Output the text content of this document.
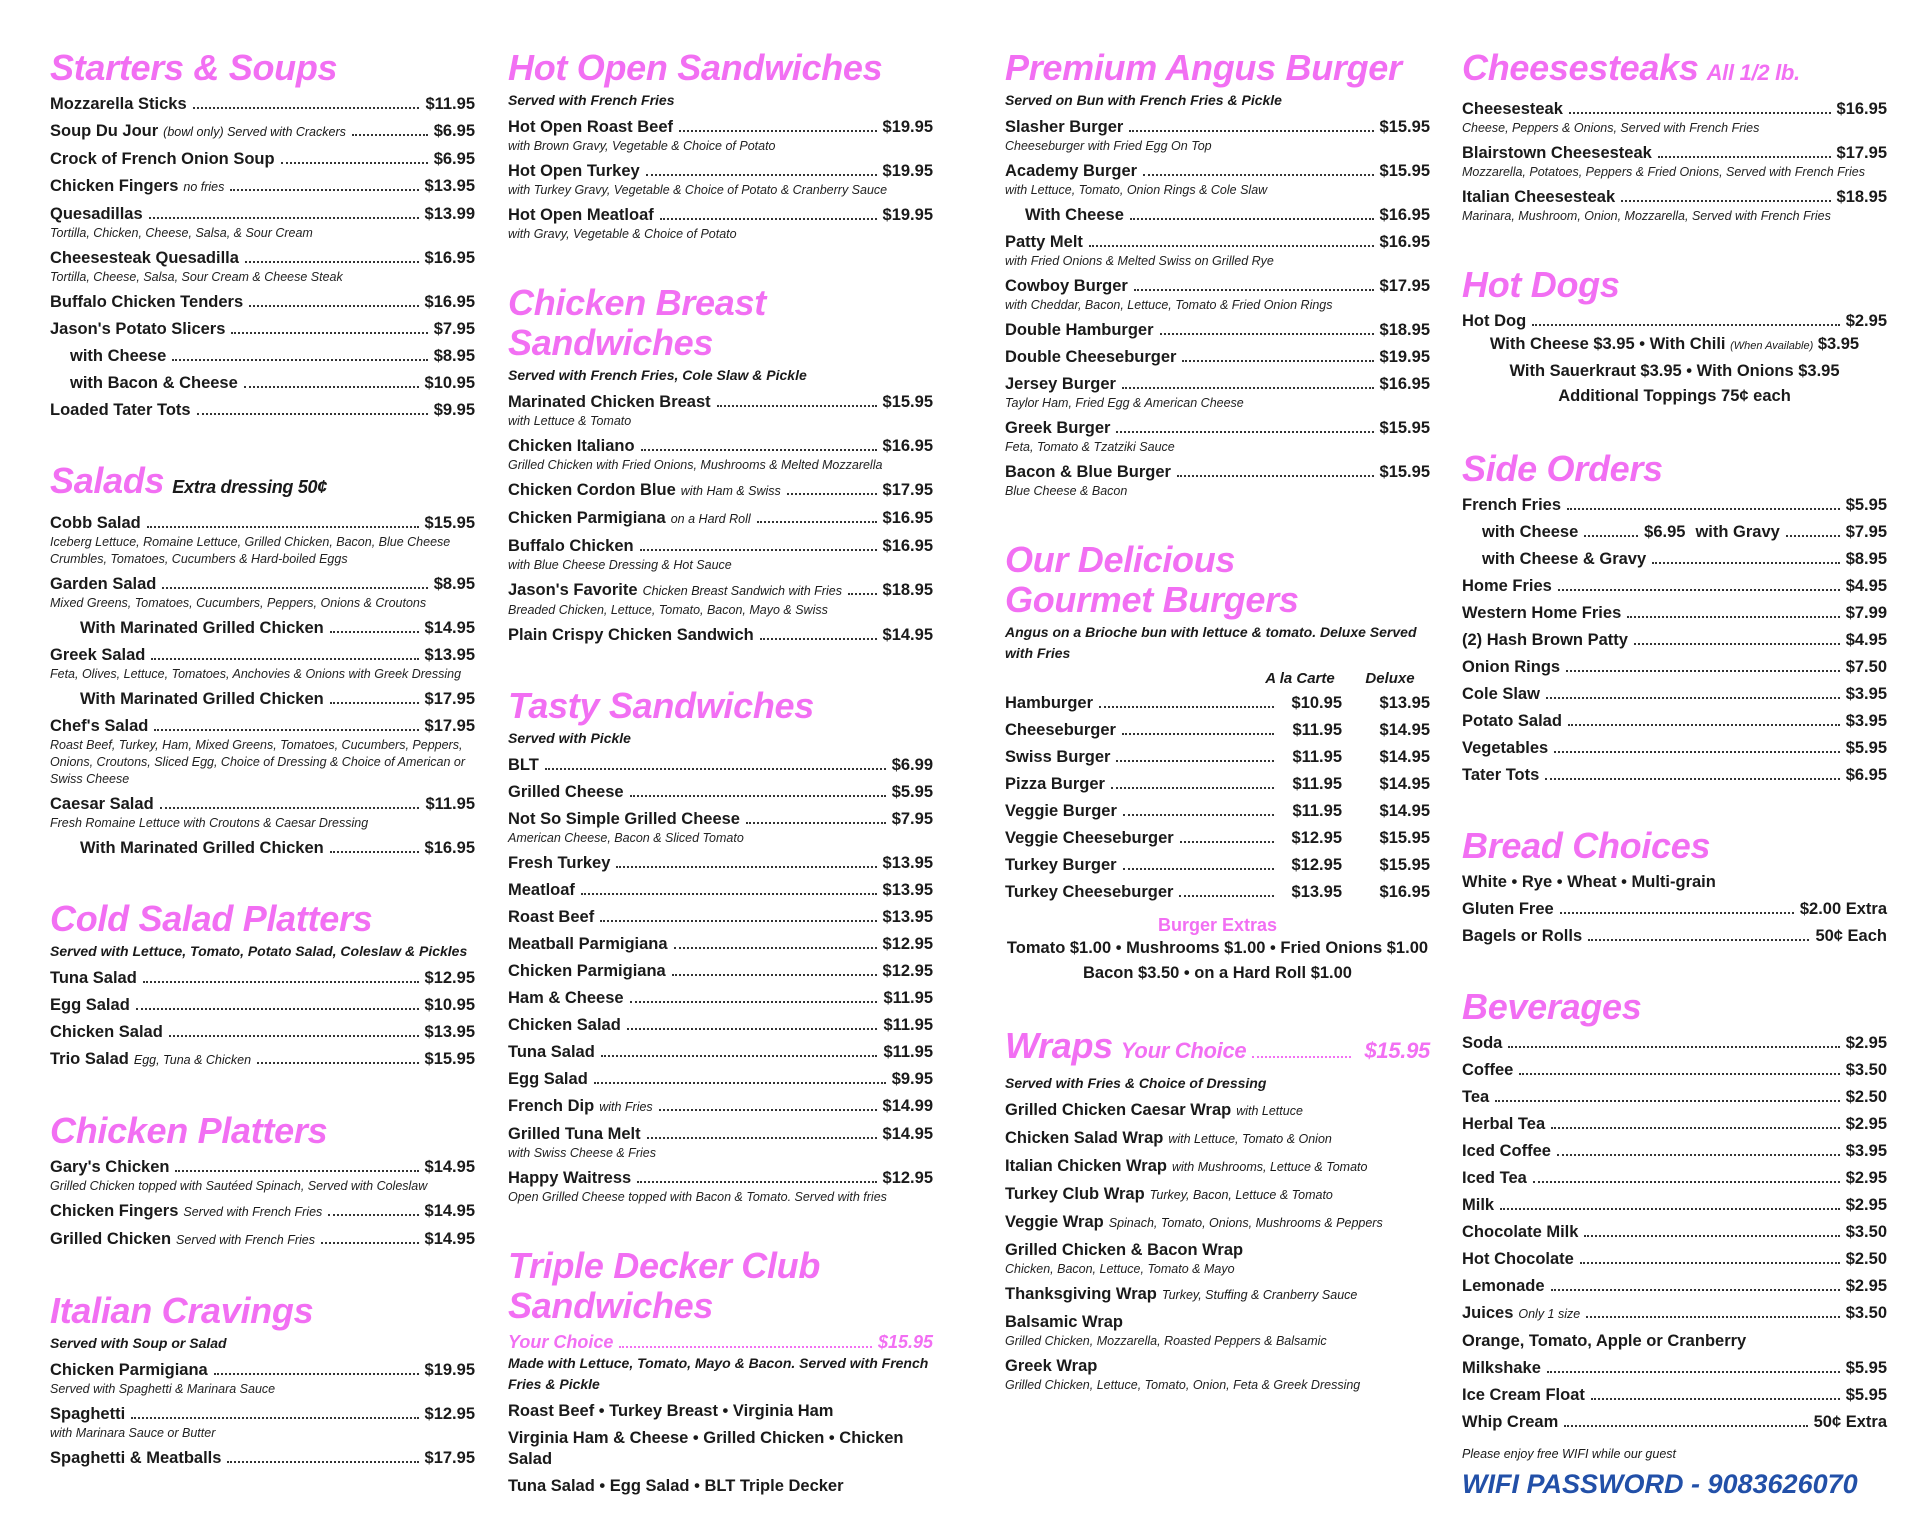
Starters & Soups
Mozzarella Sticks	$11.95
Soup Du Jour (bowl only) Served with Crackers	$6.95
Crock of French Onion Soup	$6.95
Chicken Fingers no fries	$13.95
Quesadillas	$13.99
Tortilla, Chicken, Cheese, Salsa, & Sour Cream
Cheesesteak Quesadilla	$16.95
Tortilla, Cheese, Salsa, Sour Cream & Cheese Steak
Buffalo Chicken Tenders	$16.95
Jason's Potato Slicers	$7.95
with Cheese	$8.95
with Bacon & Cheese	$10.95
Loaded Tater Tots	$9.95
Salads Extra dressing 50¢
Cobb Salad	$15.95
Iceberg Lettuce, Romaine Lettuce, Grilled Chicken, Bacon, Blue Cheese Crumbles, Tomatoes, Cucumbers & Hard-boiled Eggs
Garden Salad	$8.95
Mixed Greens, Tomatoes, Cucumbers, Peppers, Onions & Croutons
With Marinated Grilled Chicken	$14.95
Greek Salad	$13.95
Feta, Olives, Lettuce, Tomatoes, Anchovies & Onions with Greek Dressing
With Marinated Grilled Chicken	$17.95
Chef's Salad	$17.95
Roast Beef, Turkey, Ham, Mixed Greens, Tomatoes, Cucumbers, Peppers, Onions, Croutons, Sliced Egg, Choice of Dressing & Choice of American or Swiss Cheese
Caesar Salad	$11.95
Fresh Romaine Lettuce with Croutons & Caesar Dressing
With Marinated Grilled Chicken	$16.95
Cold Salad Platters
Served with Lettuce, Tomato, Potato Salad, Coleslaw & Pickles
Tuna Salad	$12.95
Egg Salad	$10.95
Chicken Salad	$13.95
Trio Salad Egg, Tuna & Chicken	$15.95
Chicken Platters
Gary's Chicken	$14.95
Grilled Chicken topped with Sautéed Spinach, Served with Coleslaw
Chicken Fingers Served with French Fries	$14.95
Grilled Chicken Served with French Fries	$14.95
Italian Cravings
Served with Soup or Salad
Chicken Parmigiana	$19.95
Served with Spaghetti & Marinara Sauce
Spaghetti	$12.95
with Marinara Sauce or Butter
Spaghetti & Meatballs	$17.95
Hot Open Sandwiches
Served with French Fries
Hot Open Roast Beef	$19.95
with Brown Gravy, Vegetable & Choice of Potato
Hot Open Turkey	$19.95
with Turkey Gravy, Vegetable & Choice of Potato & Cranberry Sauce
Hot Open Meatloaf	$19.95
with Gravy, Vegetable & Choice of Potato
Chicken Breast Sandwiches
Served with French Fries, Cole Slaw & Pickle
Marinated Chicken Breast	$15.95
with Lettuce & Tomato
Chicken Italiano	$16.95
Grilled Chicken with Fried Onions, Mushrooms & Melted Mozzarella
Chicken Cordon Blue with Ham & Swiss	$17.95
Chicken Parmigiana on a Hard Roll	$16.95
Buffalo Chicken	$16.95
with Blue Cheese Dressing & Hot Sauce
Jason's Favorite Chicken Breast Sandwich with Fries $18.95
Breaded Chicken, Lettuce, Tomato, Bacon, Mayo & Swiss
Plain Crispy Chicken Sandwich	$14.95
Tasty Sandwiches
Served with Pickle
BLT	$6.99
Grilled Cheese	$5.95
Not So Simple Grilled Cheese	$7.95
American Cheese, Bacon & Sliced Tomato
Fresh Turkey	$13.95
Meatloaf	$13.95
Roast Beef	$13.95
Meatball Parmigiana	$12.95
Chicken Parmigiana	$12.95
Ham & Cheese	$11.95
Chicken Salad	$11.95
Tuna Salad	$11.95
Egg Salad	$9.95
French Dip with Fries	$14.99
Grilled Tuna Melt	$14.95
with Swiss Cheese & Fries
Happy Waitress	$12.95
Open Grilled Cheese topped with Bacon & Tomato. Served with fries
Triple Decker Club Sandwiches
Your Choice	$15.95
Made with Lettuce, Tomato, Mayo & Bacon. Served with French Fries & Pickle
Roast Beef • Turkey Breast • Virginia Ham
Virginia Ham & Cheese • Grilled Chicken • Chicken Salad
Tuna Salad • Egg Salad • BLT Triple Decker
Premium Angus Burger
Served on Bun with French Fries & Pickle
Slasher Burger	$15.95
Cheeseburger with Fried Egg On Top
Academy Burger	$15.95
with Lettuce, Tomato, Onion Rings & Cole Slaw
With Cheese	$16.95
Patty Melt	$16.95
with Fried Onions & Melted Swiss on Grilled Rye
Cowboy Burger	$17.95
with Cheddar, Bacon, Lettuce, Tomato & Fried Onion Rings
Double Hamburger	$18.95
Double Cheeseburger	$19.95
Jersey Burger	$16.95
Taylor Ham, Fried Egg & American Cheese
Greek Burger	$15.95
Feta, Tomato & Tzatziki Sauce
Bacon & Blue Burger	$15.95
Blue Cheese & Bacon
Our Delicious Gourmet Burgers
Angus on a Brioche bun with lettuce & tomato. Deluxe Served with Fries
A la Carte	Deluxe
Hamburger	$10.95	$13.95
Cheeseburger	$11.95	$14.95
Swiss Burger	$11.95	$14.95
Pizza Burger	$11.95	$14.95
Veggie Burger	$11.95	$14.95
Veggie Cheeseburger	$12.95	$15.95
Turkey Burger	$12.95	$15.95
Turkey Cheeseburger	$13.95	$16.95
Burger Extras
Tomato $1.00 • Mushrooms $1.00 • Fried Onions $1.00
Bacon $3.50 • on a Hard Roll $1.00
Wraps Your Choice	$15.95
Served with Fries & Choice of Dressing
Grilled Chicken Caesar Wrap with Lettuce
Chicken Salad Wrap with Lettuce, Tomato & Onion
Italian Chicken Wrap with Mushrooms, Lettuce & Tomato
Turkey Club Wrap Turkey, Bacon, Lettuce & Tomato
Veggie Wrap Spinach, Tomato, Onions, Mushrooms & Peppers
Grilled Chicken & Bacon Wrap
Chicken, Bacon, Lettuce, Tomato & Mayo
Thanksgiving Wrap Turkey, Stuffing & Cranberry Sauce
Balsamic Wrap
Grilled Chicken, Mozzarella, Roasted Peppers & Balsamic
Greek Wrap
Grilled Chicken, Lettuce, Tomato, Onion, Feta & Greek Dressing
Cheesesteaks All 1/2 lb.
Cheesesteak	$16.95
Cheese, Peppers & Onions, Served with French Fries
Blairstown Cheesesteak	$17.95
Mozzarella, Potatoes, Peppers & Fried Onions, Served with French Fries
Italian Cheesesteak	$18.95
Marinara, Mushroom, Onion, Mozzarella, Served with French Fries
Hot Dogs
Hot Dog	$2.95
With Cheese $3.95 • With Chili (When Available) $3.95
With Sauerkraut $3.95 • With Onions $3.95
Additional Toppings 75¢ each
Side Orders
French Fries	$5.95
with Cheese	$6.95 with Gravy	$7.95
with Cheese & Gravy	$8.95
Home Fries	$4.95
Western Home Fries	$7.99
(2) Hash Brown Patty	$4.95
Onion Rings	$7.50
Cole Slaw	$3.95
Potato Salad	$3.95
Vegetables	$5.95
Tater Tots	$6.95
Bread Choices
White • Rye • Wheat • Multi-grain
Gluten Free	$2.00 Extra
Bagels or Rolls	50¢ Each
Beverages
Soda	$2.95
Coffee	$3.50
Tea	$2.50
Herbal Tea	$2.95
Iced Coffee	$3.95
Iced Tea	$2.95
Milk	$2.95
Chocolate Milk	$3.50
Hot Chocolate	$2.50
Lemonade	$2.95
Juices Only 1 size	$3.50
Orange, Tomato, Apple or Cranberry
Milkshake	$5.95
Ice Cream Float	$5.95
Whip Cream	50¢ Extra
Please enjoy free WIFI while our guest
WIFI PASSWORD - 9083626070
